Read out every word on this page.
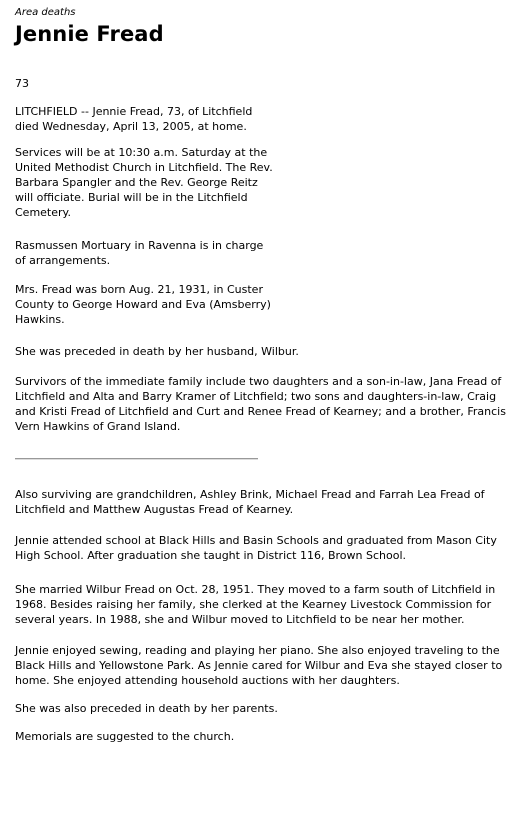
Area deaths
Jennie Fread
73

LITCHFIELD -- Jennie Fread, 73, of Litchfield died Wednesday, April 13, 2005, at home.

Services will be at 10:30 a.m. Saturday at the United Methodist Church in Litchfield. The Rev. Barbara Spangler and the Rev. George Reitz will officiate. Burial will be in the Litchfield Cemetery.

Rasmussen Mortuary in Ravenna is in charge of arrangements.

Mrs. Fread was born Aug. 21, 1931, in Custer County to George Howard and Eva (Amsberry) Hawkins.

She was preceded in death by her husband, Wilbur.

Survivors of the immediate family include two daughters and a son-in-law, Jana Fread of Litchfield and Alta and Barry Kramer of Litchfield; two sons and daughters-in-law, Craig and Kristi Fread of Litchfield and Curt and Renee Fread of Kearney; and a brother, Francis Vern Hawkins of Grand Island.

Also surviving are grandchildren, Ashley Brink, Michael Fread and Farrah Lea Fread of Litchfield and Matthew Augustas Fread of Kearney.

Jennie attended school at Black Hills and Basin Schools and graduated from Mason City High School. After graduation she taught in District 116, Brown School.

She married Wilbur Fread on Oct. 28, 1951. They moved to a farm south of Litchfield in 1968. Besides raising her family, she clerked at the Kearney Livestock Commission for several years. In 1988, she and Wilbur moved to Litchfield to be near her mother.

Jennie enjoyed sewing, reading and playing her piano. She also enjoyed traveling to the Black Hills and Yellowstone Park. As Jennie cared for Wilbur and Eva she stayed closer to home. She enjoyed attending household auctions with her daughters.

She was also preceded in death by her parents.

Memorials are suggested to the church.
